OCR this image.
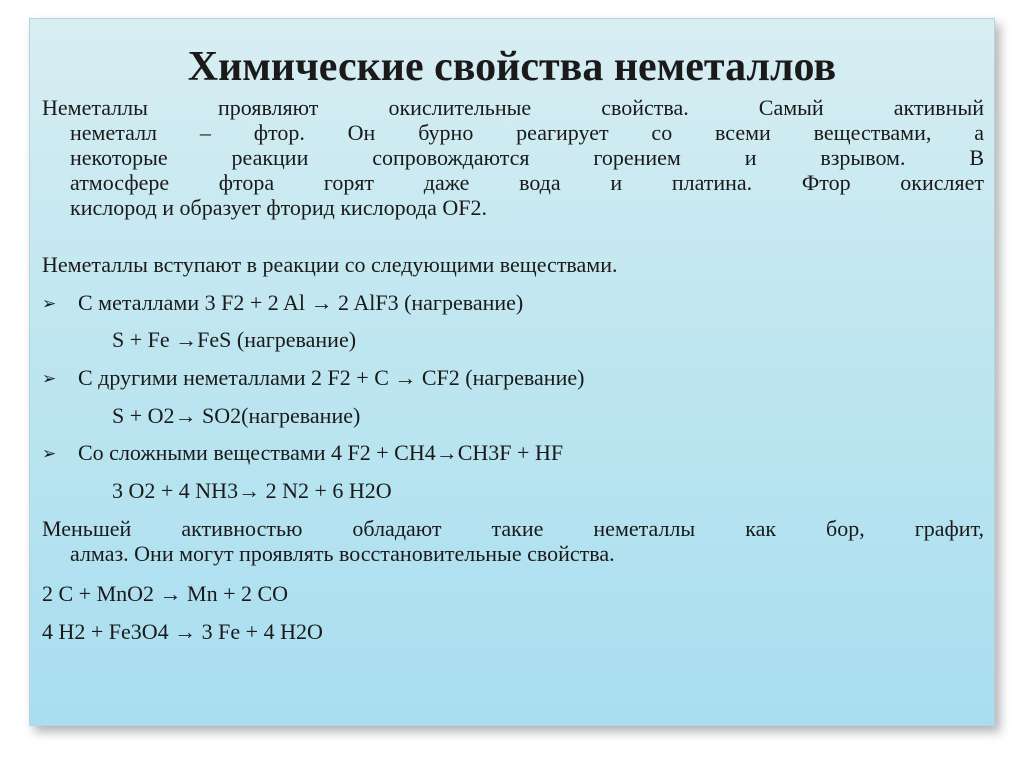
Химические свойства неметаллов

Неметаллы проявляют окислительные свойства. Самый активный
неметалл – фтор. Он бурно реагирует со всеми веществами, а
некоторые реакции сопровождаются горением и взрывом. В
атмосфере фтора горят даже вода и платина. Фтор окисляет
кислород и образует фторид кислорода OF2.

Неметаллы вступают в реакции со следующими веществами.

➢ С металлами 3 F2 + 2 Al → 2 AlF3 (нагревание)

S + Fe →FeS (нагревание)

➢ С другими неметаллами 2 F2 + C → CF2 (нагревание)

S + O2→ SO2(нагревание)

➢ Со сложными веществами 4 F2 + CH4→CH3F + HF

3 O2 + 4 NH3→ 2 N2 + 6 H2O

Меньшей активностью обладают такие неметаллы как бор, графит,
алмаз. Они могут проявлять восстановительные свойства.

2 C + MnO2 → Mn + 2 CO

4 H2 + Fe3O4 → 3 Fe + 4 H2O
